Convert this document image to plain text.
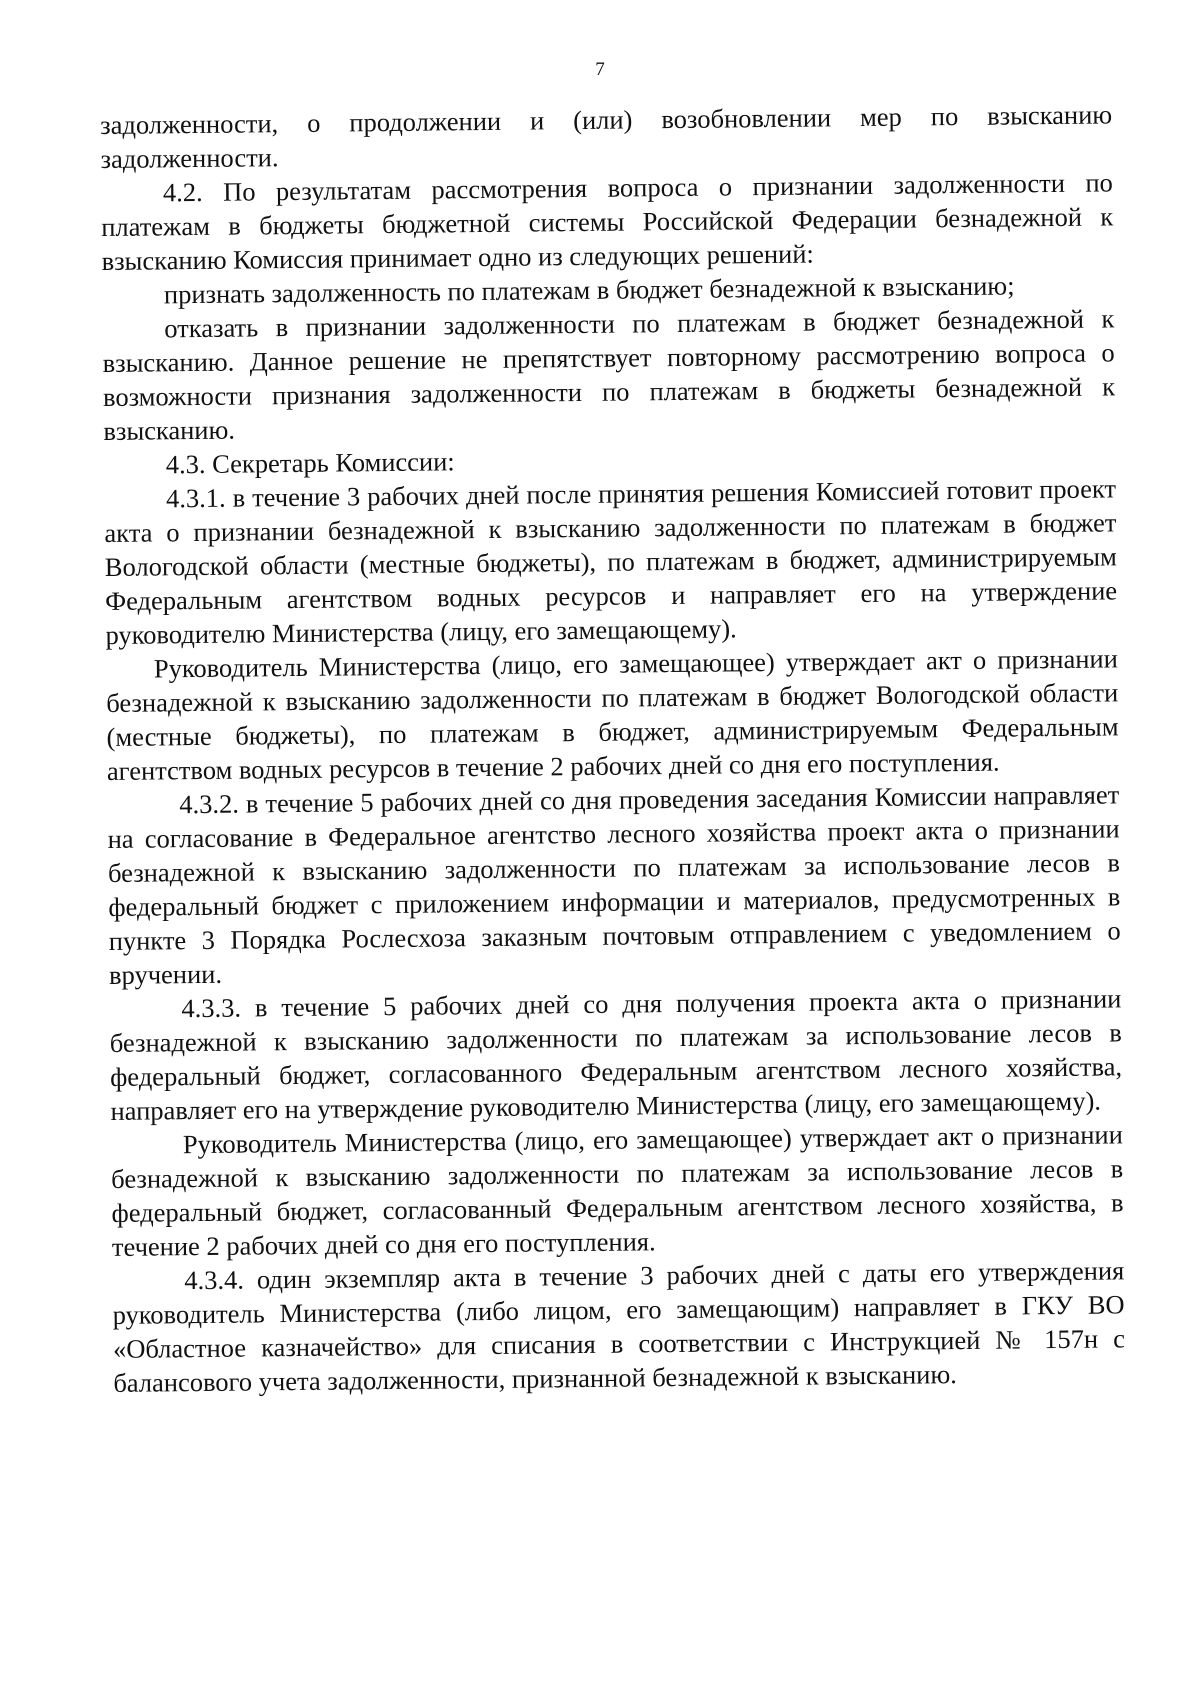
7

задолженности, о продолжении и (или) возобновлении мер по взысканию задолженности.

4.2. По результатам рассмотрения вопроса о признании задолженности по платежам в бюджеты бюджетной системы Российской Федерации безнадежной к взысканию Комиссия принимает одно из следующих решений:

признать задолженность по платежам в бюджет безнадежной к взысканию;

отказать в признании задолженности по платежам в бюджет безнадежной к взысканию. Данное решение не препятствует повторному рассмотрению вопроса о возможности признания задолженности по платежам в бюджеты безнадежной к взысканию.

4.3. Секретарь Комиссии:

4.3.1. в течение 3 рабочих дней после принятия решения Комиссией готовит проект акта о признании безнадежной к взысканию задолженности по платежам в бюджет Вологодской области (местные бюджеты), по платежам в бюджет, администрируемым Федеральным агентством водных ресурсов и направляет его на утверждение руководителю Министерства (лицу, его замещающему).

Руководитель Министерства (лицо, его замещающее) утверждает акт о признании безнадежной к взысканию задолженности по платежам в бюджет Вологодской области (местные бюджеты), по платежам в бюджет, администрируемым Федеральным агентством водных ресурсов в течение 2 рабочих дней со дня его поступления.

4.3.2. в течение 5 рабочих дней со дня проведения заседания Комиссии направляет на согласование в Федеральное агентство лесного хозяйства проект акта о признании безнадежной к взысканию задолженности по платежам за использование лесов в федеральный бюджет с приложением информации и материалов, предусмотренных в пункте 3 Порядка Рослесхоза заказным почтовым отправлением с уведомлением о вручении.

4.3.3. в течение 5 рабочих дней со дня получения проекта акта о признании безнадежной к взысканию задолженности по платежам за использование лесов в федеральный бюджет, согласованного Федеральным агентством лесного хозяйства, направляет его на утверждение руководителю Министерства (лицу, его замещающему).

Руководитель Министерства (лицо, его замещающее) утверждает акт о признании безнадежной к взысканию задолженности по платежам за использование лесов в федеральный бюджет, согласованный Федеральным агентством лесного хозяйства, в течение 2 рабочих дней со дня его поступления.

4.3.4. один экземпляр акта в течение 3 рабочих дней с даты его утверждения руководитель Министерства (либо лицом, его замещающим) направляет в ГКУ ВО «Областное казначейство» для списания в соответствии с Инструкцией № 157н с балансового учета задолженности, признанной безнадежной к взысканию.
